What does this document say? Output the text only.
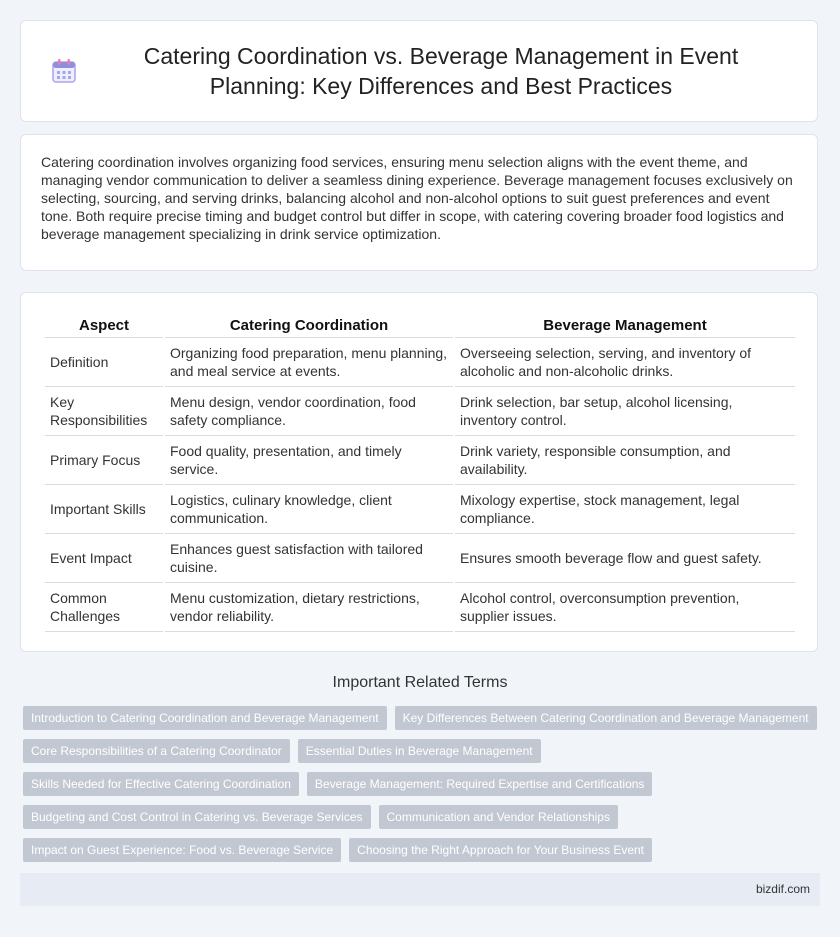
Catering Coordination vs. Beverage Management in Event Planning: Key Differences and Best Practices

Catering coordination involves organizing food services, ensuring menu selection aligns with the event theme, and managing vendor communication to deliver a seamless dining experience. Beverage management focuses exclusively on selecting, sourcing, and serving drinks, balancing alcohol and non-alcohol options to suit guest preferences and event tone. Both require precise timing and budget control but differ in scope, with catering covering broader food logistics and beverage management specializing in drink service optimization.

Aspect	Catering Coordination	Beverage Management
Definition	Organizing food preparation, menu planning, and meal service at events.	Overseeing selection, serving, and inventory of alcoholic and non-alcoholic drinks.
Key Responsibilities	Menu design, vendor coordination, food safety compliance.	Drink selection, bar setup, alcohol licensing, inventory control.
Primary Focus	Food quality, presentation, and timely service.	Drink variety, responsible consumption, and availability.
Important Skills	Logistics, culinary knowledge, client communication.	Mixology expertise, stock management, legal compliance.
Event Impact	Enhances guest satisfaction with tailored cuisine.	Ensures smooth beverage flow and guest safety.
Common Challenges	Menu customization, dietary restrictions, vendor reliability.	Alcohol control, overconsumption prevention, supplier issues.
Important Related Terms
Introduction to Catering Coordination and Beverage Management	Key Differences Between Catering Coordination and Beverage Management
Core Responsibilities of a Catering Coordinator	Essential Duties in Beverage Management
Skills Needed for Effective Catering Coordination	Beverage Management: Required Expertise and Certifications
Budgeting and Cost Control in Catering vs. Beverage Services	Communication and Vendor Relationships
Impact on Guest Experience: Food vs. Beverage Service	Choosing the Right Approach for Your Business Event
bizdif.com
